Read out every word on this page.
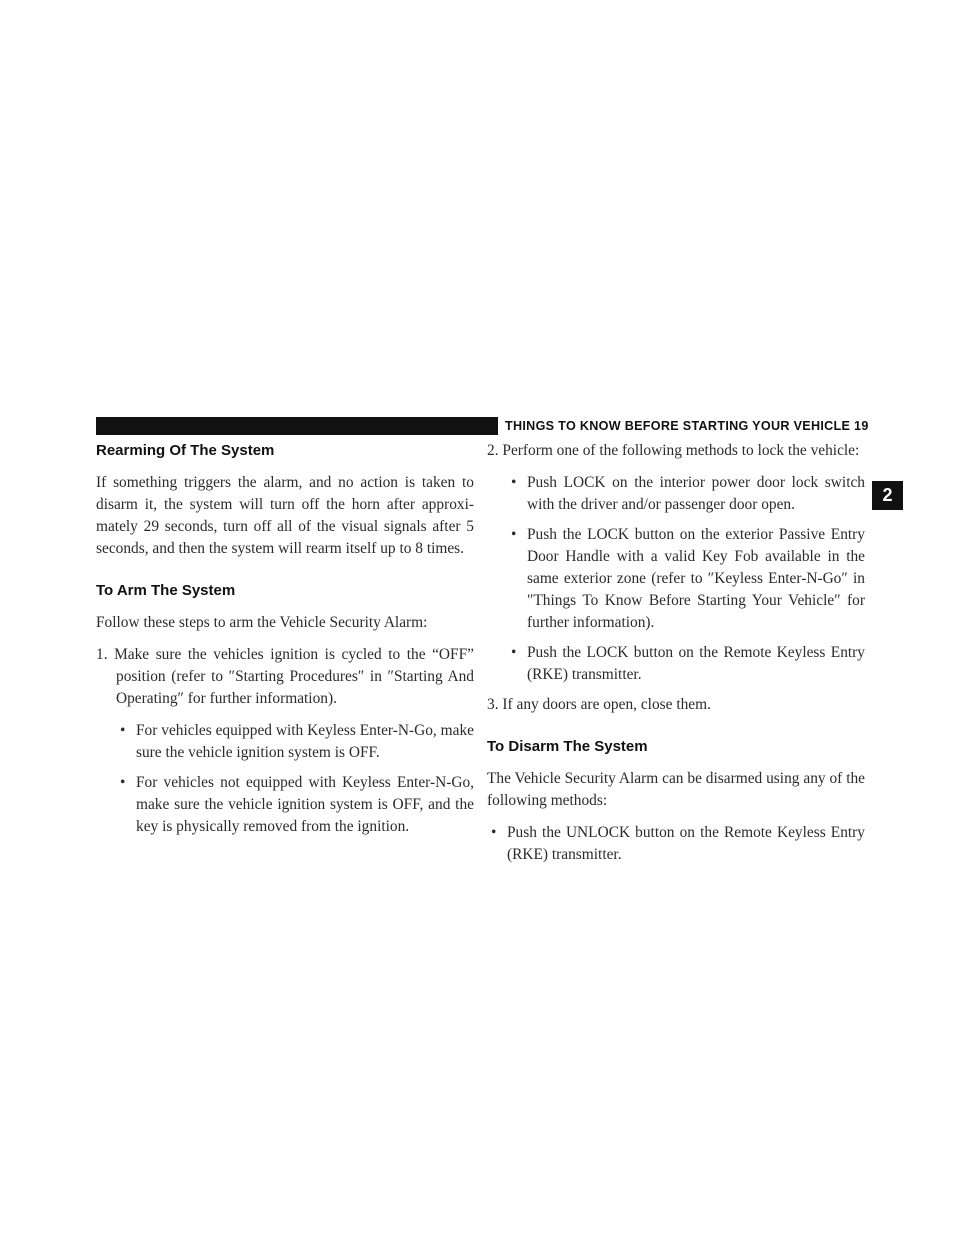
THINGS TO KNOW BEFORE STARTING YOUR VEHICLE 19
2
Rearming Of The System

If something triggers the alarm, and no action is taken to disarm it, the system will turn off the horn after approxi-mately 29 seconds, turn off all of the visual signals after 5 seconds, and then the system will rearm itself up to 8 times.

To Arm The System

Follow these steps to arm the Vehicle Security Alarm:

1. Make sure the vehicles ignition is cycled to the “OFF” position (refer to ″Starting Procedures″ in ″Starting And Operating″ for further information).

• For vehicles equipped with Keyless Enter-N-Go, make sure the vehicle ignition system is OFF.
• For vehicles not equipped with Keyless Enter-N-Go, make sure the vehicle ignition system is OFF, and the key is physically removed from the ignition.

2. Perform one of the following methods to lock the vehicle:

• Push LOCK on the interior power door lock switch with the driver and/or passenger door open.
• Push the LOCK button on the exterior Passive Entry Door Handle with a valid Key Fob available in the same exterior zone (refer to ″Keyless Enter-N-Go″ in ″Things To Know Before Starting Your Vehicle″ for further information).
• Push the LOCK button on the Remote Keyless Entry (RKE) transmitter.

3. If any doors are open, close them.

To Disarm The System

The Vehicle Security Alarm can be disarmed using any of the following methods:

• Push the UNLOCK button on the Remote Keyless Entry (RKE) transmitter.
